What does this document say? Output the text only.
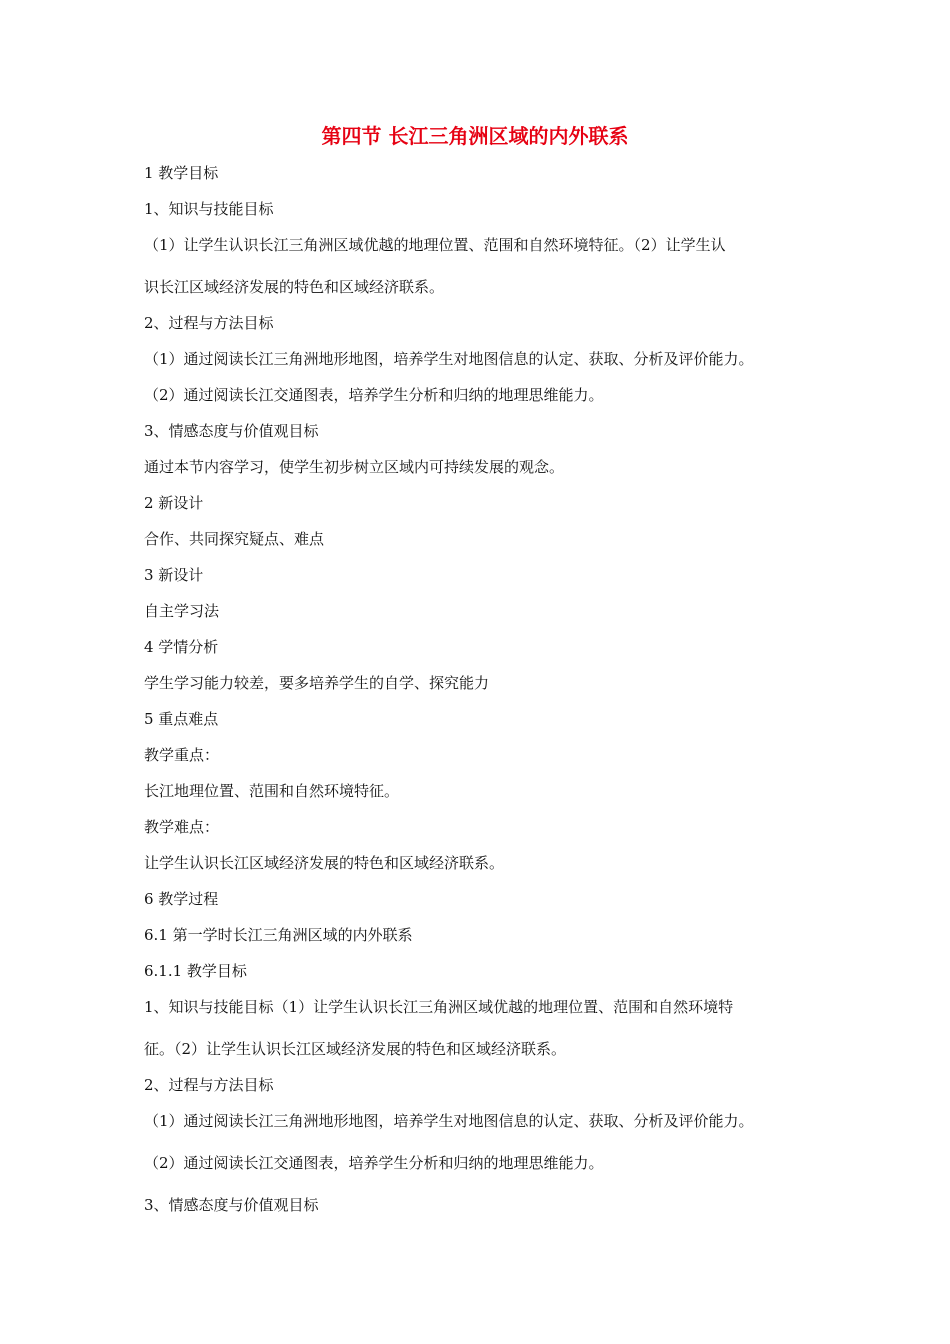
第四节 长江三角洲区域的内外联系
1 教学目标
1、知识与技能目标
（1）让学生认识长江三角洲区域优越的地理位置、范围和自然环境特征。（2）让学生认
识长江区域经济发展的特色和区域经济联系。
2、过程与方法目标
（1）通过阅读长江三角洲地形地图，培养学生对地图信息的认定、获取、分析及评价能力。
（2）通过阅读长江交通图表，培养学生分析和归纳的地理思维能力。
3、情感态度与价值观目标
通过本节内容学习，使学生初步树立区域内可持续发展的观念。
2 新设计
合作、共同探究疑点、难点
3 新设计
自主学习法
4 学情分析
学生学习能力较差，要多培养学生的自学、探究能力
5 重点难点
教学重点：
长江地理位置、范围和自然环境特征。
教学难点：
让学生认识长江区域经济发展的特色和区域经济联系。
6 教学过程
6.1 第一学时长江三角洲区域的内外联系
6.1.1 教学目标
1、知识与技能目标（1）让学生认识长江三角洲区域优越的地理位置、范围和自然环境特
征。（2）让学生认识长江区域经济发展的特色和区域经济联系。
2、过程与方法目标
（1）通过阅读长江三角洲地形地图，培养学生对地图信息的认定、获取、分析及评价能力。
（2）通过阅读长江交通图表，培养学生分析和归纳的地理思维能力。
3、情感态度与价值观目标
